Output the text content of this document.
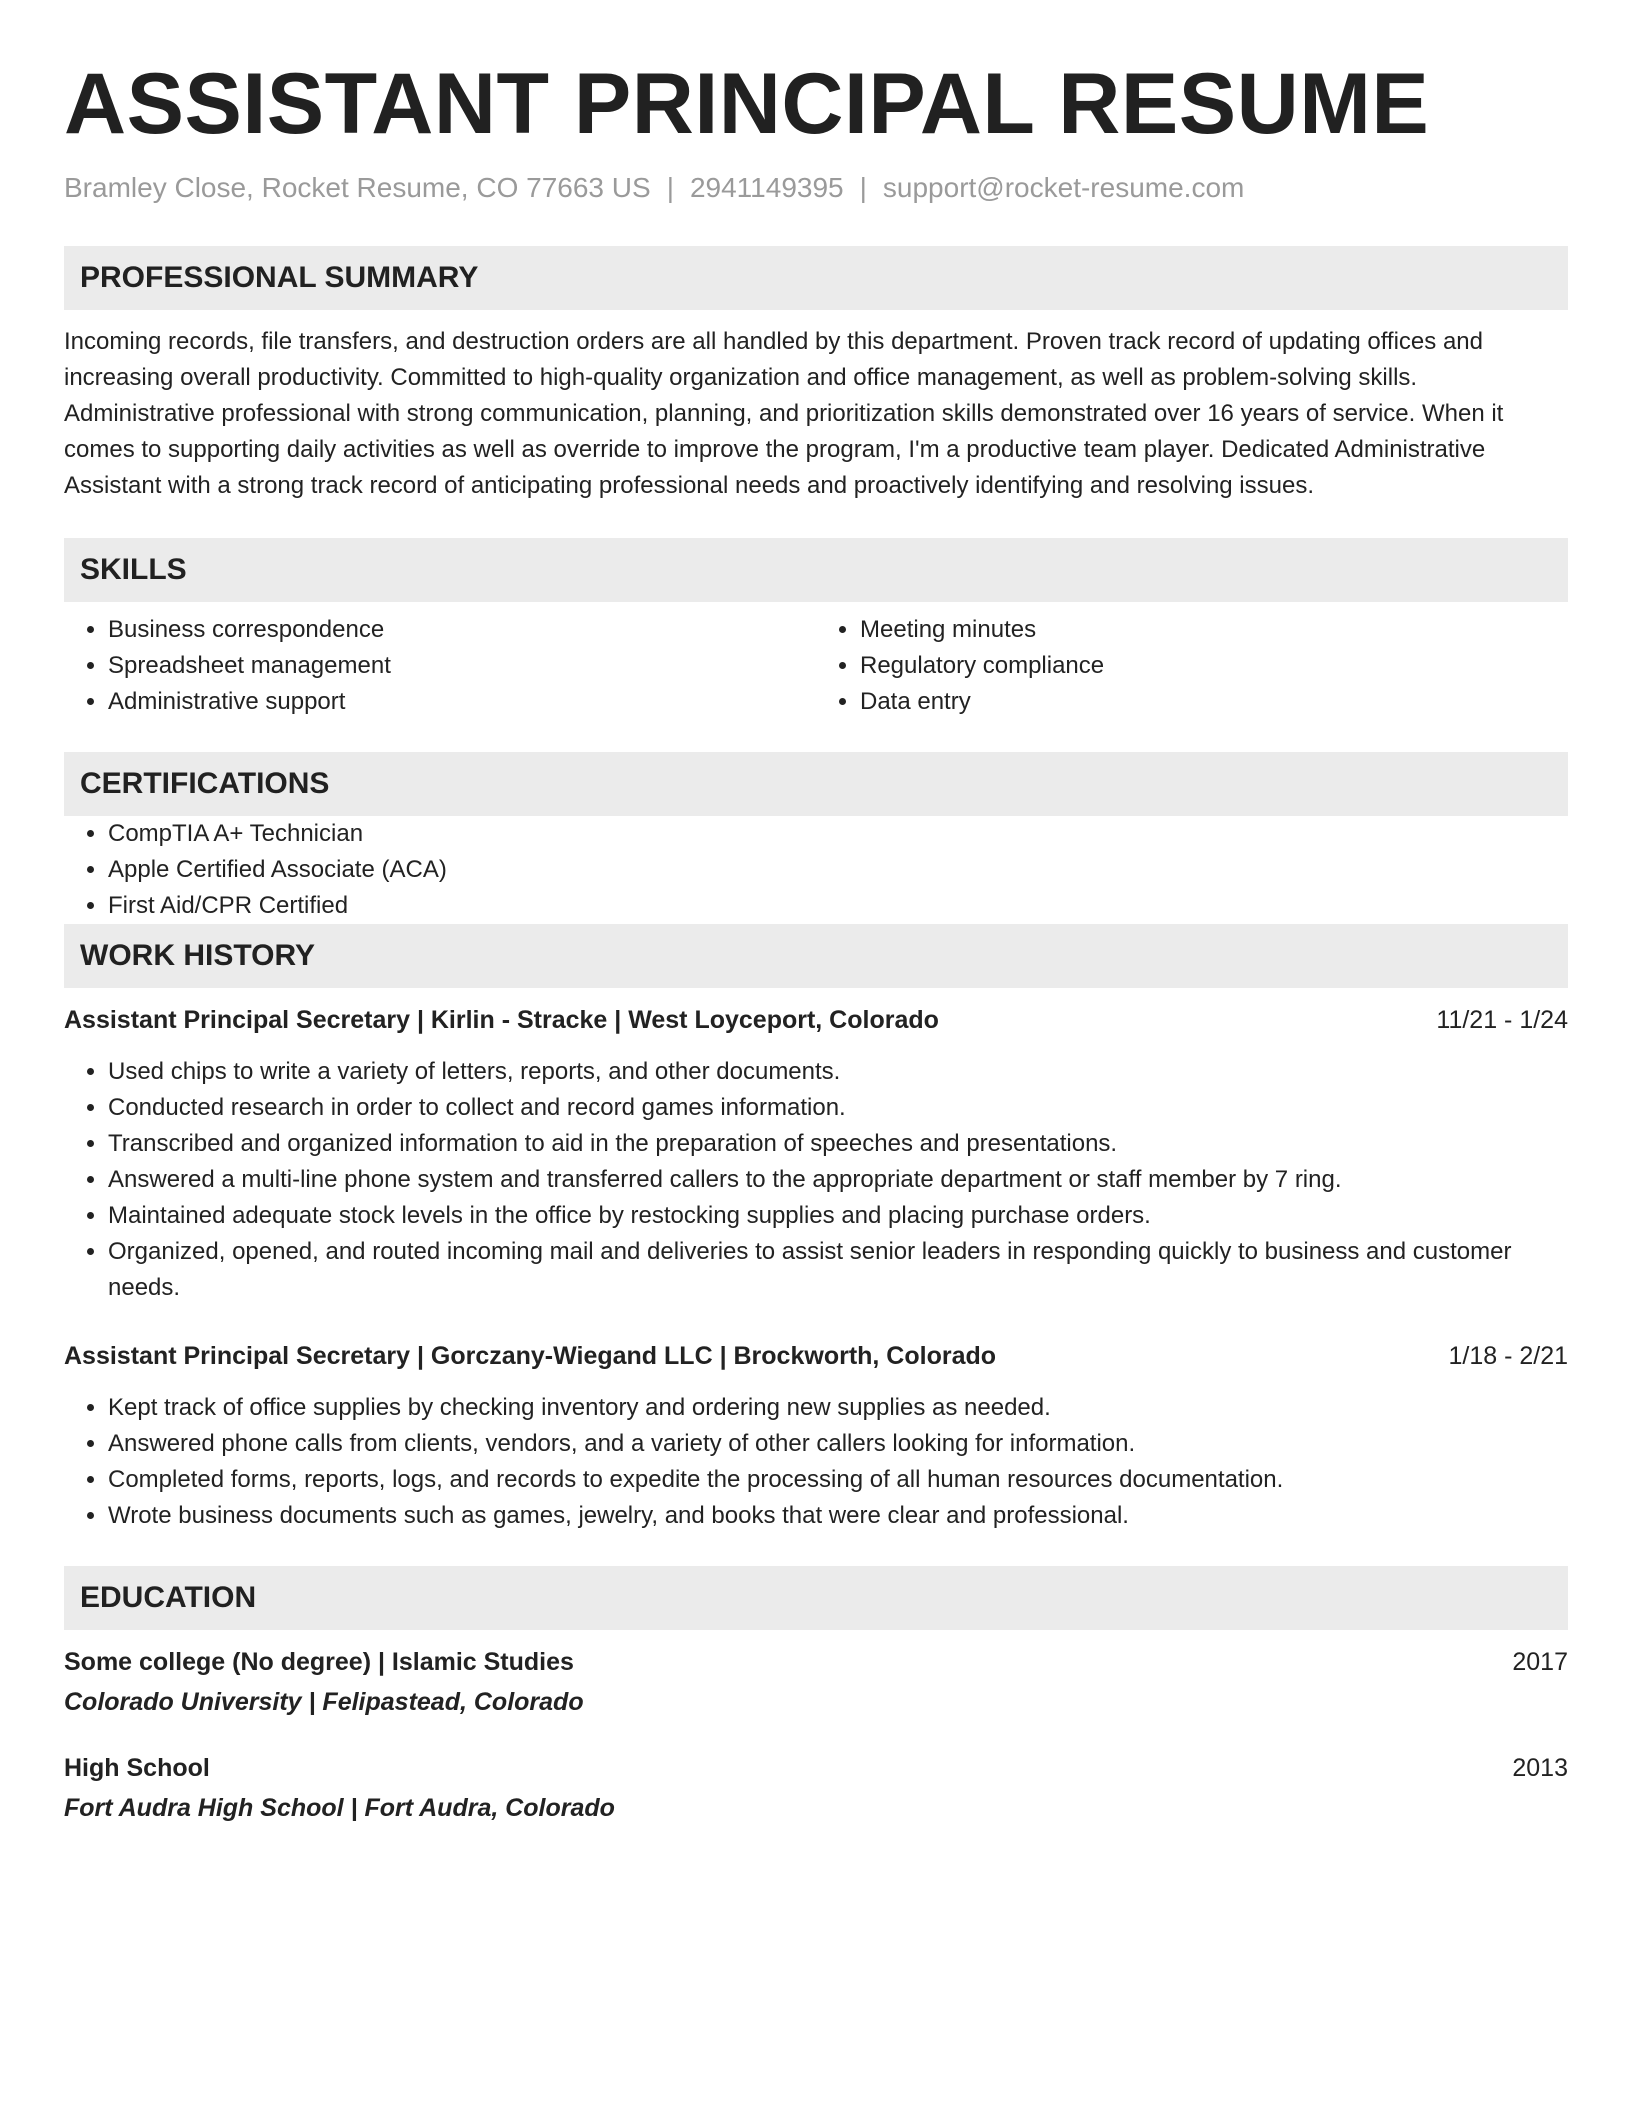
ASSISTANT PRINCIPAL RESUME
Bramley Close, Rocket Resume, CO 77663 US | 2941149395 | support@rocket-resume.com
PROFESSIONAL SUMMARY

Incoming records, file transfers, and destruction orders are all handled by this department. Proven track record of updating offices and increasing overall productivity. Committed to high-quality organization and office management, as well as problem-solving skills. Administrative professional with strong communication, planning, and prioritization skills demonstrated over 16 years of service. When it comes to supporting daily activities as well as override to improve the program, I'm a productive team player. Dedicated Administrative Assistant with a strong track record of anticipating professional needs and proactively identifying and resolving issues.

SKILLS
• Business correspondence
• Spreadsheet management
• Administrative support
• Meeting minutes
• Regulatory compliance
• Data entry
CERTIFICATIONS
• CompTIA A+ Technician
• Apple Certified Associate (ACA)
• First Aid/CPR Certified
WORK HISTORY
Assistant Principal Secretary | Kirlin - Stracke | West Loyceport, Colorado	11/21 - 1/24
• Used chips to write a variety of letters, reports, and other documents.
• Conducted research in order to collect and record games information.
• Transcribed and organized information to aid in the preparation of speeches and presentations.
• Answered a multi-line phone system and transferred callers to the appropriate department or staff member by 7 ring.
• Maintained adequate stock levels in the office by restocking supplies and placing purchase orders.
• Organized, opened, and routed incoming mail and deliveries to assist senior leaders in responding quickly to business and customer needs.
Assistant Principal Secretary | Gorczany-Wiegand LLC | Brockworth, Colorado	1/18 - 2/21
• Kept track of office supplies by checking inventory and ordering new supplies as needed.
• Answered phone calls from clients, vendors, and a variety of other callers looking for information.
• Completed forms, reports, logs, and records to expedite the processing of all human resources documentation.
• Wrote business documents such as games, jewelry, and books that were clear and professional.
EDUCATION
Some college (No degree) | Islamic Studies	2017
Colorado University | Felipastead, Colorado
High School	2013
Fort Audra High School | Fort Audra, Colorado
